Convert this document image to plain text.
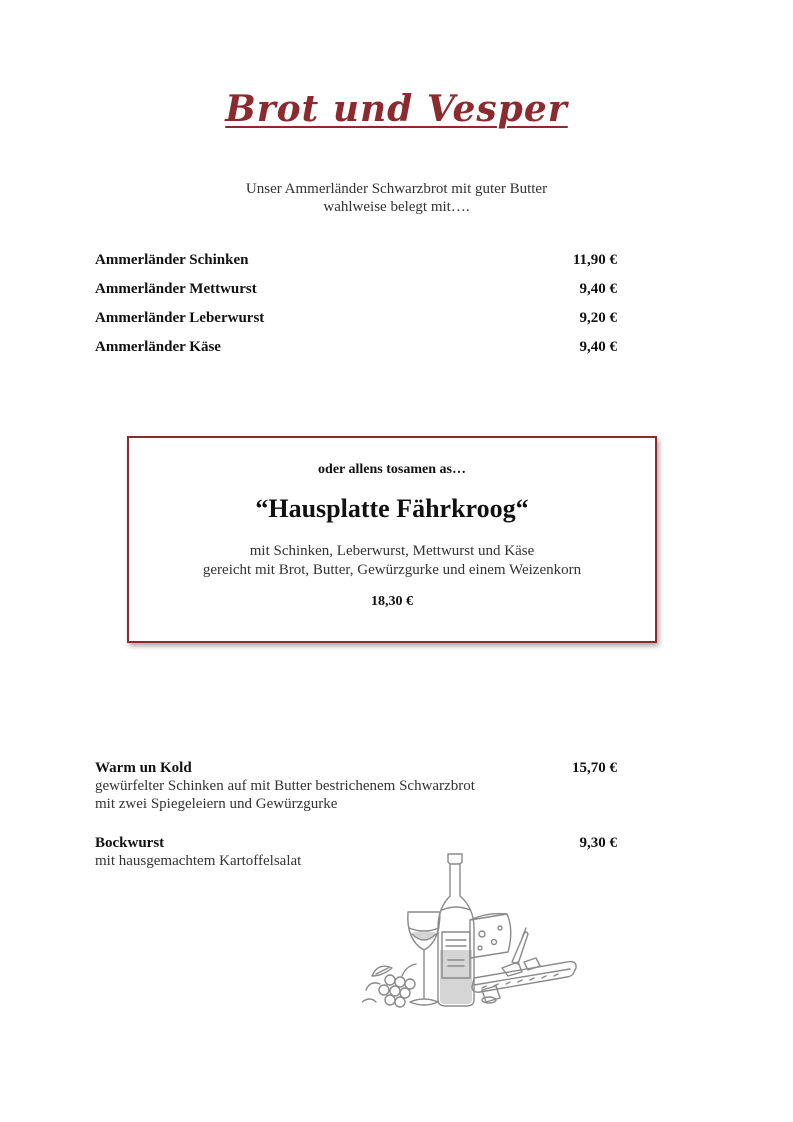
Brot und Vesper
Unser Ammerländer Schwarzbrot mit guter Butter
wahlweise belegt mit….
Ammerländer Schinken	11,90 €
Ammerländer Mettwurst	9,40 €
Ammerländer Leberwurst	9,20 €
Ammerländer Käse	9,40 €
oder allens tosamen as…
“Hausplatte Fährkroog“
mit Schinken, Leberwurst, Mettwurst und Käse
gereicht mit Brot, Butter, Gewürzgurke und einem Weizenkorn
18,30 €
Warm un Kold	15,70 €
gewürfelter Schinken auf mit Butter bestrichenem Schwarzbrot
mit zwei Spiegeleiern und Gewürzgurke
Bockwurst	9,30 €
mit hausgemachtem Kartoffelsalat
